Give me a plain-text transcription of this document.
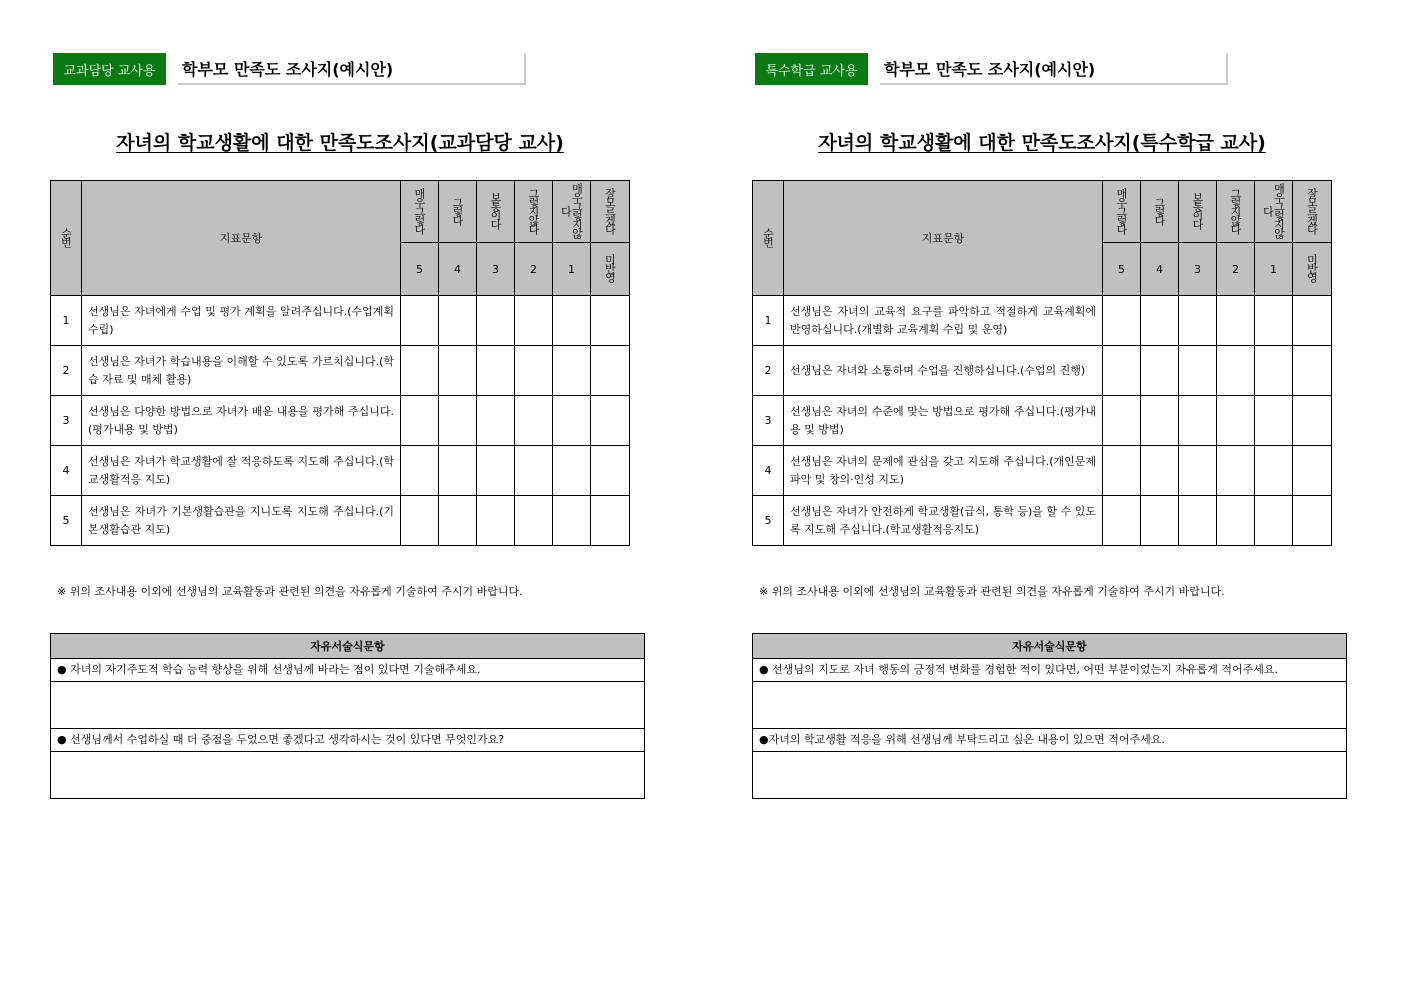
교과담당 교사용	학부모 만족도 조사지(예시안)
자녀의 학교생활에 대한 만족도조사지(교과담당 교사)
순번	지표문항	매우그렇다	그렇다	보통이다	그렇지않다	매우그렇지않다	잘모르겠다
		5	4	3	2	1	미반영
1	선생님은 자녀에게 수업 및 평가 계획을 알려주십니다.(수업계획 수립)						
2	선생님은 자녀가 학습내용을 이해할 수 있도록 가르치십니다.(학습 자료 및 매체 활용)						
3	선생님은 다양한 방법으로 자녀가 배운 내용을 평가해 주십니다.(평가내용 및 방법)						
4	선생님은 자녀가 학교생활에 잘 적응하도록 지도해 주십니다.(학교생활적응 지도)						
5	선생님은 자녀가 기본생활습관을 지니도록 지도해 주십니다.(기본생활습관 지도)						
※ 위의 조사내용 이외에 선생님의 교육활동과 관련된 의견을 자유롭게 기술하여 주시기 바랍니다.
자유서술식문항
● 자녀의 자기주도적 학습 능력 향상을 위해 선생님께 바라는 점이 있다면 기술해주세요.

● 선생님께서 수업하실 때 더 중점을 두었으면 좋겠다고 생각하시는 것이 있다면 무엇인가요?

특수학급 교사용	학부모 만족도 조사지(예시안)
자녀의 학교생활에 대한 만족도조사지(특수학급 교사)
순번	지표문항	매우그렇다	그렇다	보통이다	그렇지않다	매우그렇지않다	잘모르겠다
		5	4	3	2	1	미반영
1	선생님은 자녀의 교육적 요구를 파악하고 적절하게 교육계획에 반영하십니다.(개별화 교육계획 수립 및 운영)						
2	선생님은 자녀와 소통하며 수업을 진행하십니다.(수업의 진행)						
3	선생님은 자녀의 수준에 맞는 방법으로 평가해 주십니다.(평가내용 및 방법)						
4	선생님은 자녀의 문제에 관심을 갖고 지도해 주십니다.(개인문제파악 및 창의·인성 지도)						
5	선생님은 자녀가 안전하게 학교생활(급식, 통학 등)을 할 수 있도록 지도해 주십니다.(학교생활적응지도)						
※ 위의 조사내용 이외에 선생님의 교육활동과 관련된 의견을 자유롭게 기술하여 주시기 바랍니다.
자유서술식문항
● 선생님의 지도로 자녀 행동의 긍정적 변화를 경험한 적이 있다면, 어떤 부분이었는지 자유롭게 적어주세요.

●자녀의 학교생활 적응을 위해 선생님께 부탁드리고 싶은 내용이 있으면 적어주세요.
